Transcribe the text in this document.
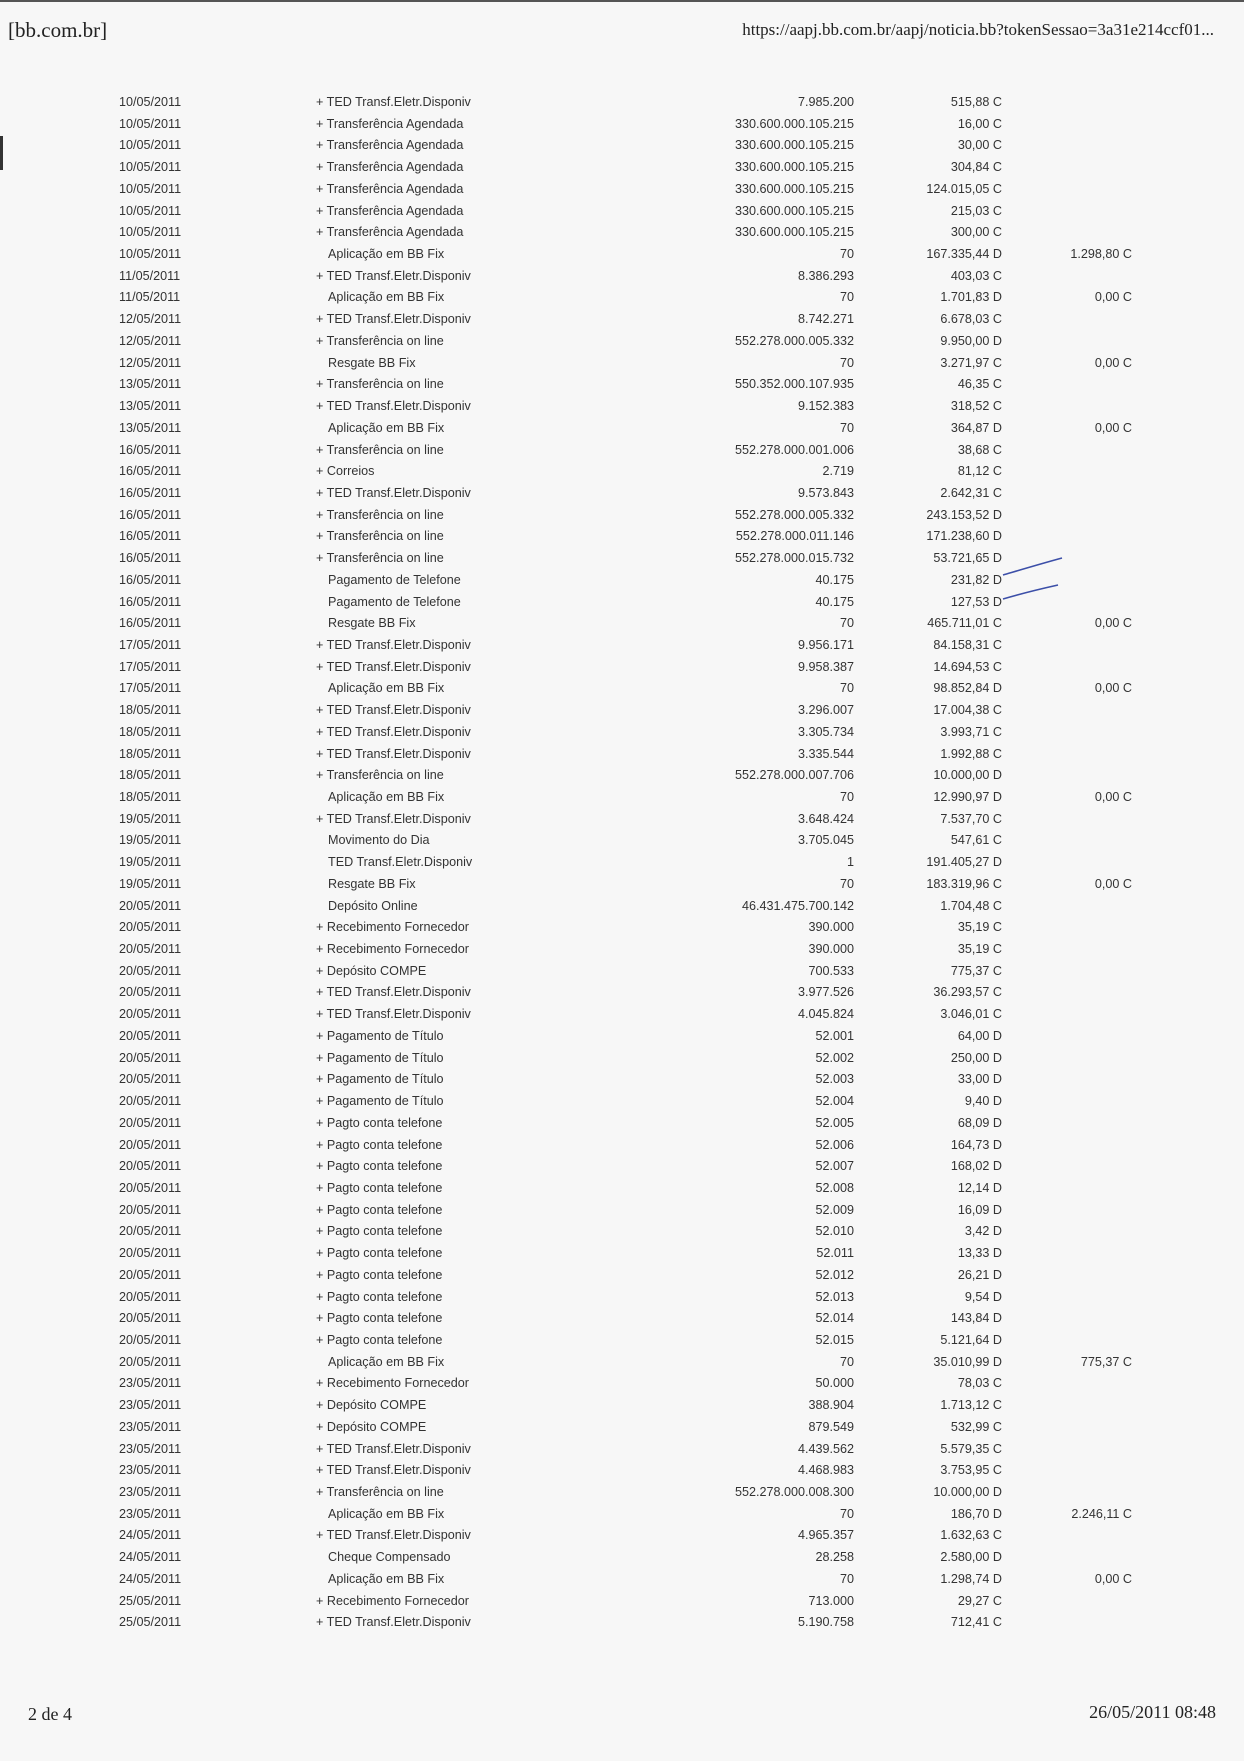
[bb.com.br]	https://aapj.bb.com.br/aapj/noticia.bb?tokenSessao=3a31e214ccf01...
10/05/2011	+ TED Transf.Eletr.Disponiv	7.985.200	515,88 C
10/05/2011	+ Transferência Agendada	330.600.000.105.215	16,00 C
10/05/2011	+ Transferência Agendada	330.600.000.105.215	30,00 C
10/05/2011	+ Transferência Agendada	330.600.000.105.215	304,84 C
10/05/2011	+ Transferência Agendada	330.600.000.105.215	124.015,05 C
10/05/2011	+ Transferência Agendada	330.600.000.105.215	215,03 C
10/05/2011	+ Transferência Agendada	330.600.000.105.215	300,00 C
10/05/2011	Aplicação em BB Fix	70	167.335,44 D	1.298,80 C
11/05/2011	+ TED Transf.Eletr.Disponiv	8.386.293	403,03 C
11/05/2011	Aplicação em BB Fix	70	1.701,83 D	0,00 C
12/05/2011	+ TED Transf.Eletr.Disponiv	8.742.271	6.678,03 C
12/05/2011	+ Transferência on line	552.278.000.005.332	9.950,00 D
12/05/2011	Resgate BB Fix	70	3.271,97 C	0,00 C
13/05/2011	+ Transferência on line	550.352.000.107.935	46,35 C
13/05/2011	+ TED Transf.Eletr.Disponiv	9.152.383	318,52 C
13/05/2011	Aplicação em BB Fix	70	364,87 D	0,00 C
16/05/2011	+ Transferência on line	552.278.000.001.006	38,68 C
16/05/2011	+ Correios	2.719	81,12 C
16/05/2011	+ TED Transf.Eletr.Disponiv	9.573.843	2.642,31 C
16/05/2011	+ Transferência on line	552.278.000.005.332	243.153,52 D
16/05/2011	+ Transferência on line	552.278.000.011.146	171.238,60 D
16/05/2011	+ Transferência on line	552.278.000.015.732	53.721,65 D
16/05/2011	Pagamento de Telefone	40.175	231,82 D
16/05/2011	Pagamento de Telefone	40.175	127,53 D
16/05/2011	Resgate BB Fix	70	465.711,01 C	0,00 C
17/05/2011	+ TED Transf.Eletr.Disponiv	9.956.171	84.158,31 C
17/05/2011	+ TED Transf.Eletr.Disponiv	9.958.387	14.694,53 C
17/05/2011	Aplicação em BB Fix	70	98.852,84 D	0,00 C
18/05/2011	+ TED Transf.Eletr.Disponiv	3.296.007	17.004,38 C
18/05/2011	+ TED Transf.Eletr.Disponiv	3.305.734	3.993,71 C
18/05/2011	+ TED Transf.Eletr.Disponiv	3.335.544	1.992,88 C
18/05/2011	+ Transferência on line	552.278.000.007.706	10.000,00 D
18/05/2011	Aplicação em BB Fix	70	12.990,97 D	0,00 C
19/05/2011	+ TED Transf.Eletr.Disponiv	3.648.424	7.537,70 C
19/05/2011	Movimento do Dia	3.705.045	547,61 C
19/05/2011	TED Transf.Eletr.Disponiv	1	191.405,27 D
19/05/2011	Resgate BB Fix	70	183.319,96 C	0,00 C
20/05/2011	Depósito Online	46.431.475.700.142	1.704,48 C
20/05/2011	+ Recebimento Fornecedor	390.000	35,19 C
20/05/2011	+ Recebimento Fornecedor	390.000	35,19 C
20/05/2011	+ Depósito COMPE	700.533	775,37 C
20/05/2011	+ TED Transf.Eletr.Disponiv	3.977.526	36.293,57 C
20/05/2011	+ TED Transf.Eletr.Disponiv	4.045.824	3.046,01 C
20/05/2011	+ Pagamento de Título	52.001	64,00 D
20/05/2011	+ Pagamento de Título	52.002	250,00 D
20/05/2011	+ Pagamento de Título	52.003	33,00 D
20/05/2011	+ Pagamento de Título	52.004	9,40 D
20/05/2011	+ Pagto conta telefone	52.005	68,09 D
20/05/2011	+ Pagto conta telefone	52.006	164,73 D
20/05/2011	+ Pagto conta telefone	52.007	168,02 D
20/05/2011	+ Pagto conta telefone	52.008	12,14 D
20/05/2011	+ Pagto conta telefone	52.009	16,09 D
20/05/2011	+ Pagto conta telefone	52.010	3,42 D
20/05/2011	+ Pagto conta telefone	52.011	13,33 D
20/05/2011	+ Pagto conta telefone	52.012	26,21 D
20/05/2011	+ Pagto conta telefone	52.013	9,54 D
20/05/2011	+ Pagto conta telefone	52.014	143,84 D
20/05/2011	+ Pagto conta telefone	52.015	5.121,64 D
20/05/2011	Aplicação em BB Fix	70	35.010,99 D	775,37 C
23/05/2011	+ Recebimento Fornecedor	50.000	78,03 C
23/05/2011	+ Depósito COMPE	388.904	1.713,12 C
23/05/2011	+ Depósito COMPE	879.549	532,99 C
23/05/2011	+ TED Transf.Eletr.Disponiv	4.439.562	5.579,35 C
23/05/2011	+ TED Transf.Eletr.Disponiv	4.468.983	3.753,95 C
23/05/2011	+ Transferência on line	552.278.000.008.300	10.000,00 D
23/05/2011	Aplicação em BB Fix	70	186,70 D	2.246,11 C
24/05/2011	+ TED Transf.Eletr.Disponiv	4.965.357	1.632,63 C
24/05/2011	Cheque Compensado	28.258	2.580,00 D
24/05/2011	Aplicação em BB Fix	70	1.298,74 D	0,00 C
25/05/2011	+ Recebimento Fornecedor	713.000	29,27 C
25/05/2011	+ TED Transf.Eletr.Disponiv	5.190.758	712,41 C
2 de 4	26/05/2011 08:48
